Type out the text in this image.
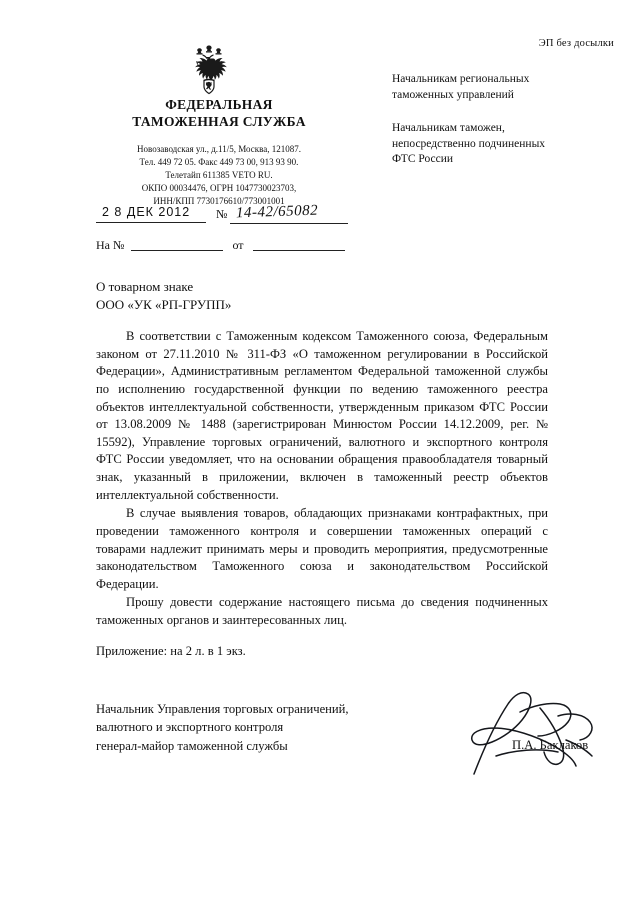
ЭП без досылки
ФЕДЕРАЛЬНАЯ
ТАМОЖЕННАЯ СЛУЖБА
Новозаводская ул., д.11/5, Москва, 121087.
Тел. 449 72 05. Факс 449 73 00, 913 93 90.
Телетайп 611385 VETO RU.
ОКПО 00034476, ОГРН 1047730023703,
ИНН/КПП 7730176610/773001001
Начальникам региональных
таможенных управлений
Начальникам таможен,
непосредственно подчиненных
ФТС России
2 8 ДЕК 2012 № 14-42/65082
На №	от
О товарном знаке
ООО «УК «РП-ГРУПП»

В соответствии с Таможенным кодексом Таможенного союза, Федеральным законом от 27.11.2010 № 311-ФЗ «О таможенном регулировании в Российской Федерации», Административным регламентом Федеральной таможенной службы по исполнению государственной функции по ведению таможенного реестра объектов интеллектуальной собственности, утвержденным приказом ФТС России от 13.08.2009 № 1488 (зарегистрирован Минюстом России 14.12.2009, рег. № 15592), Управление торговых ограничений, валютного и экспортного контроля ФТС России уведомляет, что на основании обращения правообладателя товарный знак, указанный в приложении, включен в таможенный реестр объектов интеллектуальной собственности.

В случае выявления товаров, обладающих признаками контрафактных, при проведении таможенного контроля и совершении таможенных операций с товарами надлежит принимать меры и проводить мероприятия, предусмотренные законодательством Таможенного союза и законодательством Российской Федерации.

Прошу довести содержание настоящего письма до сведения подчиненных таможенных органов и заинтересованных лиц.

Приложение: на 2 л. в 1 экз.
Начальник Управления торговых ограничений,
валютного и экспортного контроля
генерал-майор таможенной службы	П.А. Баклаков
